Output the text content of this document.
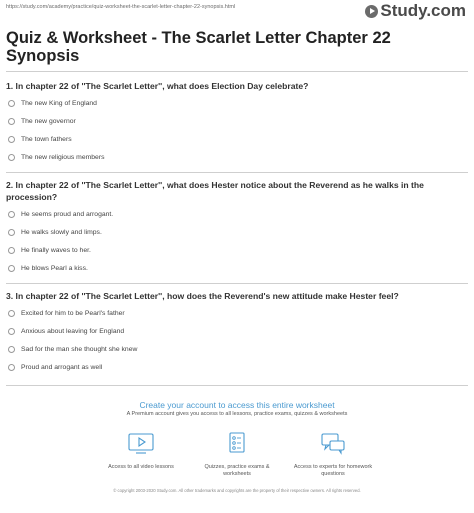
https://study.com/academy/practice/quiz-worksheet-the-scarlet-letter-chapter-22-synopsis.html	Study.com
Quiz & Worksheet - The Scarlet Letter Chapter 22 Synopsis
1. In chapter 22 of ''The Scarlet Letter'', what does Election Day celebrate?
The new King of England
The new governor
The town fathers
The new religious members
2. In chapter 22 of ''The Scarlet Letter'', what does Hester notice about the Reverend as he walks in the procession?
He seems proud and arrogant.
He walks slowly and limps.
He finally waves to her.
He blows Pearl a kiss.
3. In chapter 22 of ''The Scarlet Letter'', how does the Reverend's new attitude make Hester feel?
Excited for him to be Pearl's father
Anxious about leaving for England
Sad for the man she thought she knew
Proud and arrogant as well
Create your account to access this entire worksheet
A Premium account gives you access to all lessons, practice exams, quizzes & worksheets
Access to all video lessons	Quizzes, practice exams & worksheets
Access to experts for homework questions
© copyright 2003-2020 Study.com. All other trademarks and copyrights are the property of their respective owners. All rights reserved.
